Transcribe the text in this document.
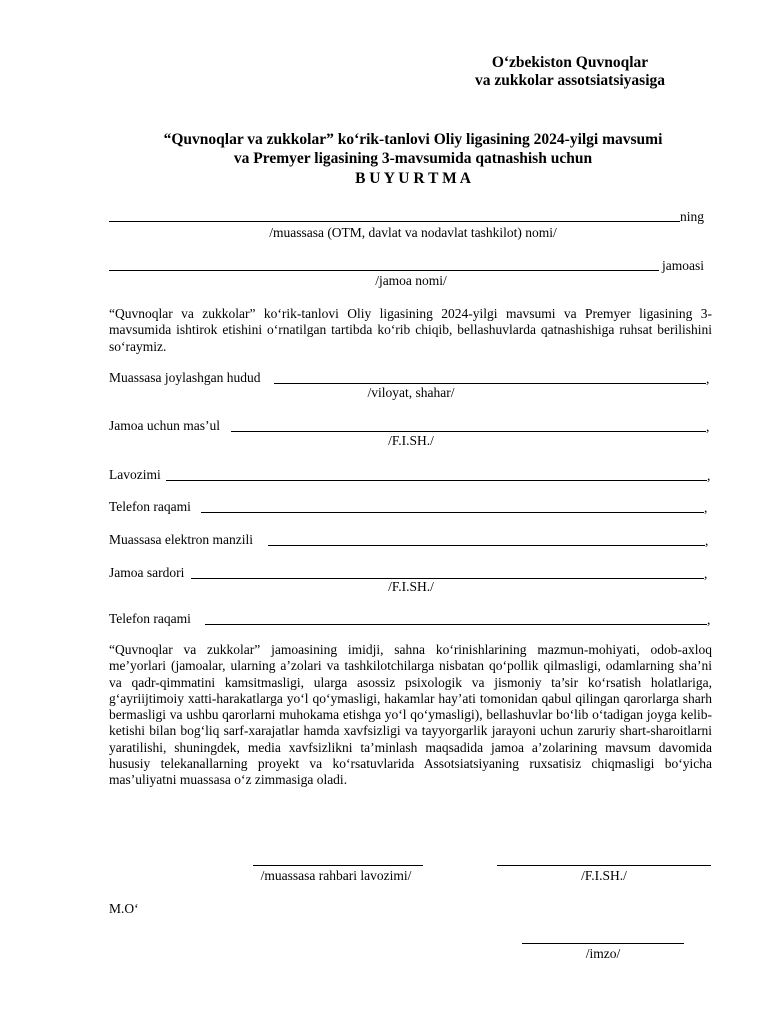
O‘zbekiston Quvnoqlar
va zukkolar assotsiatsiyasiga
“Quvnoqlar va zukkolar” ko‘rik-tanlovi Oliy ligasining 2024-yilgi mavsumi
va Premyer ligasining 3-mavsumida qatnashish uchun
B U Y U R T M A
ning
/muassasa (OTM, davlat va nodavlat tashkilot) nomi/
jamoasi
/jamoa nomi/
“Quvnoqlar va zukkolar” ko‘rik-tanlovi Oliy ligasining 2024-yilgi mavsumi va Premyer ligasining 3-mavsumida ishtirok etishini o‘rnatilgan tartibda ko‘rib chiqib, bellashuvlarda qatnashishiga ruhsat berilishini so‘raymiz.
Muassasa joylashgan hudud	,
/viloyat, shahar/
Jamoa uchun mas’ul	,
/F.I.SH./
Lavozimi	,
Telefon raqami	,
Muassasa elektron manzili	,
Jamoa sardori	,
/F.I.SH./
Telefon raqami	,
“Quvnoqlar va zukkolar” jamoasining imidji, sahna ko‘rinishlarining mazmun-mohiyati, odob-axloq me’yorlari (jamoalar, ularning a’zolari va tashkilotchilarga nisbatan qo‘pollik qilmasligi, odamlarning sha’ni va qadr-qimmatini kamsitmasligi, ularga asossiz psixologik va jismoniy ta’sir ko‘rsatish holatlariga, g‘ayriijtimoiy xatti-harakatlarga yo‘l qo‘ymasligi, hakamlar hay’ati tomonidan qabul qilingan qarorlarga sharh bermasligi va ushbu qarorlarni muhokama etishga yo‘l qo‘ymasligi), bellashuvlar bo‘lib o‘tadigan joyga kelib-ketishi bilan bog‘liq sarf-xarajatlar hamda xavfsizligi va tayyorgarlik jarayoni uchun zaruriy shart-sharoitlarni yaratilishi, shuningdek, media xavfsizlikni ta’minlash maqsadida jamoa a’zolarining mavsum davomida hususiy telekanallarning proyekt va ko‘rsatuvlarida Assotsiatsiyaning ruxsatisiz chiqmasligi bo‘yicha mas’uliyatni muassasa o‘z zimmasiga oladi.
/muassasa rahbari lavozimi/	/F.I.SH./
M.O‘
/imzo/
